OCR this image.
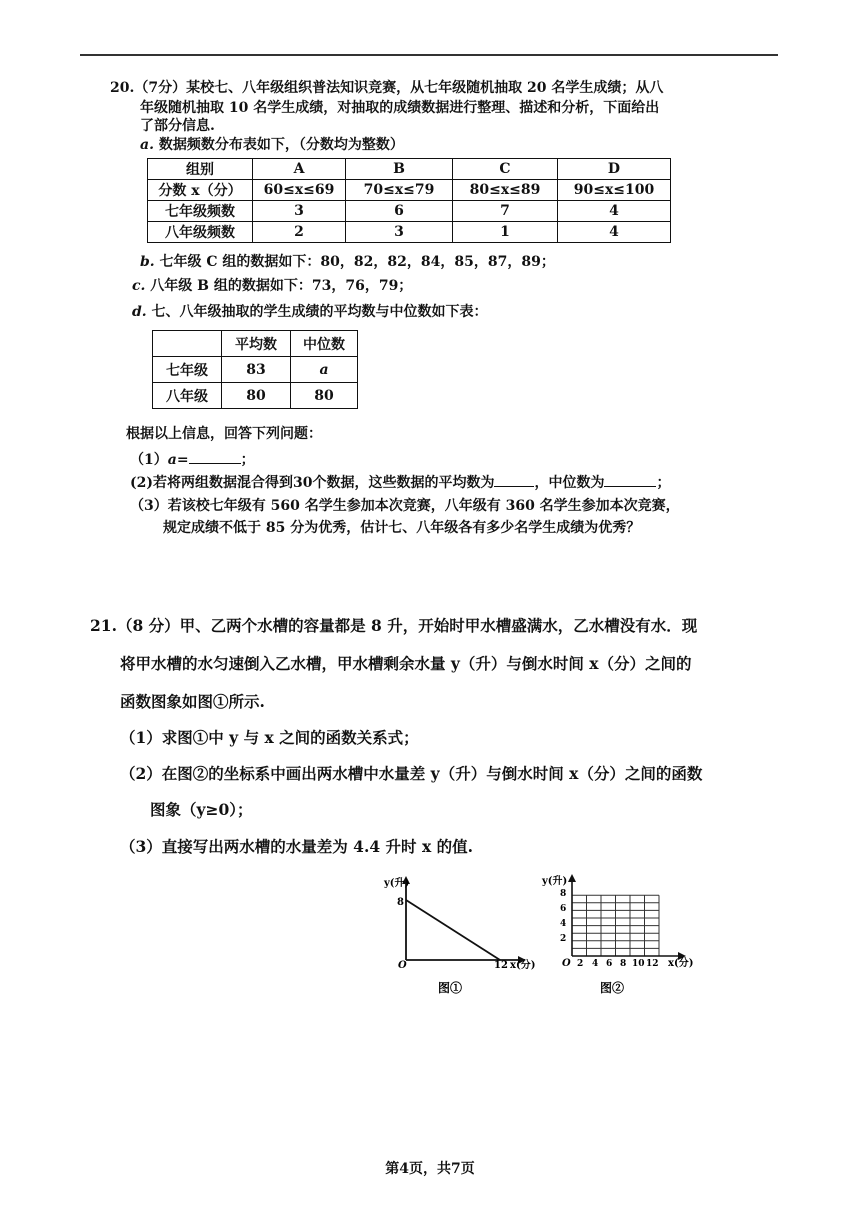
20.（7分）某校七、八年级组织普法知识竞赛，从七年级随机抽取 20 名学生成绩；从八
年级随机抽取 10 名学生成绩，对抽取的成绩数据进行整理、描述和分析，下面给出
了部分信息.
a. 数据频数分布表如下，（分数均为整数）
组别	A	B	C	D
分数 x（分）	60≤x≤69	70≤x≤79	80≤x≤89	90≤x≤100
七年级频数	3	6	7	4
八年级频数	2	3	1	4
b. 七年级 C 组的数据如下：80，82，82，84，85，87，89；
c. 八年级 B 组的数据如下：73，76，79；
d. 七、八年级抽取的学生成绩的平均数与中位数如下表：
	平均数	中位数
七年级	83	a
八年级	80	80
根据以上信息，回答下列问题：
（1）a=	；
(2)若将两组数据混合得到30个数据，这些数据的平均数为	，中位数为	；
（3）若该校七年级有 560 名学生参加本次竞赛，八年级有 360 名学生参加本次竞赛，
规定成绩不低于 85 分为优秀，估计七、八年级各有多少名学生成绩为优秀？
21.（8 分）甲、乙两个水槽的容量都是 8 升，开始时甲水槽盛满水，乙水槽没有水．现
将甲水槽的水匀速倒入乙水槽，甲水槽剩余水量 y（升）与倒水时间 x（分）之间的
函数图象如图①所示.
（1）求图①中 y 与 x 之间的函数关系式；
（2）在图②的坐标系中画出两水槽中水量差 y（升）与倒水时间 x（分）之间的函数
图象（y≥0）；
（3）直接写出两水槽的水量差为 4.4 升时 x 的值.
y(升)
8
O	12 x(分)
图①
y(升)
8
6
4
2
O 2 4 6 8 10 12 x(分)
图②
第4页，共7页
